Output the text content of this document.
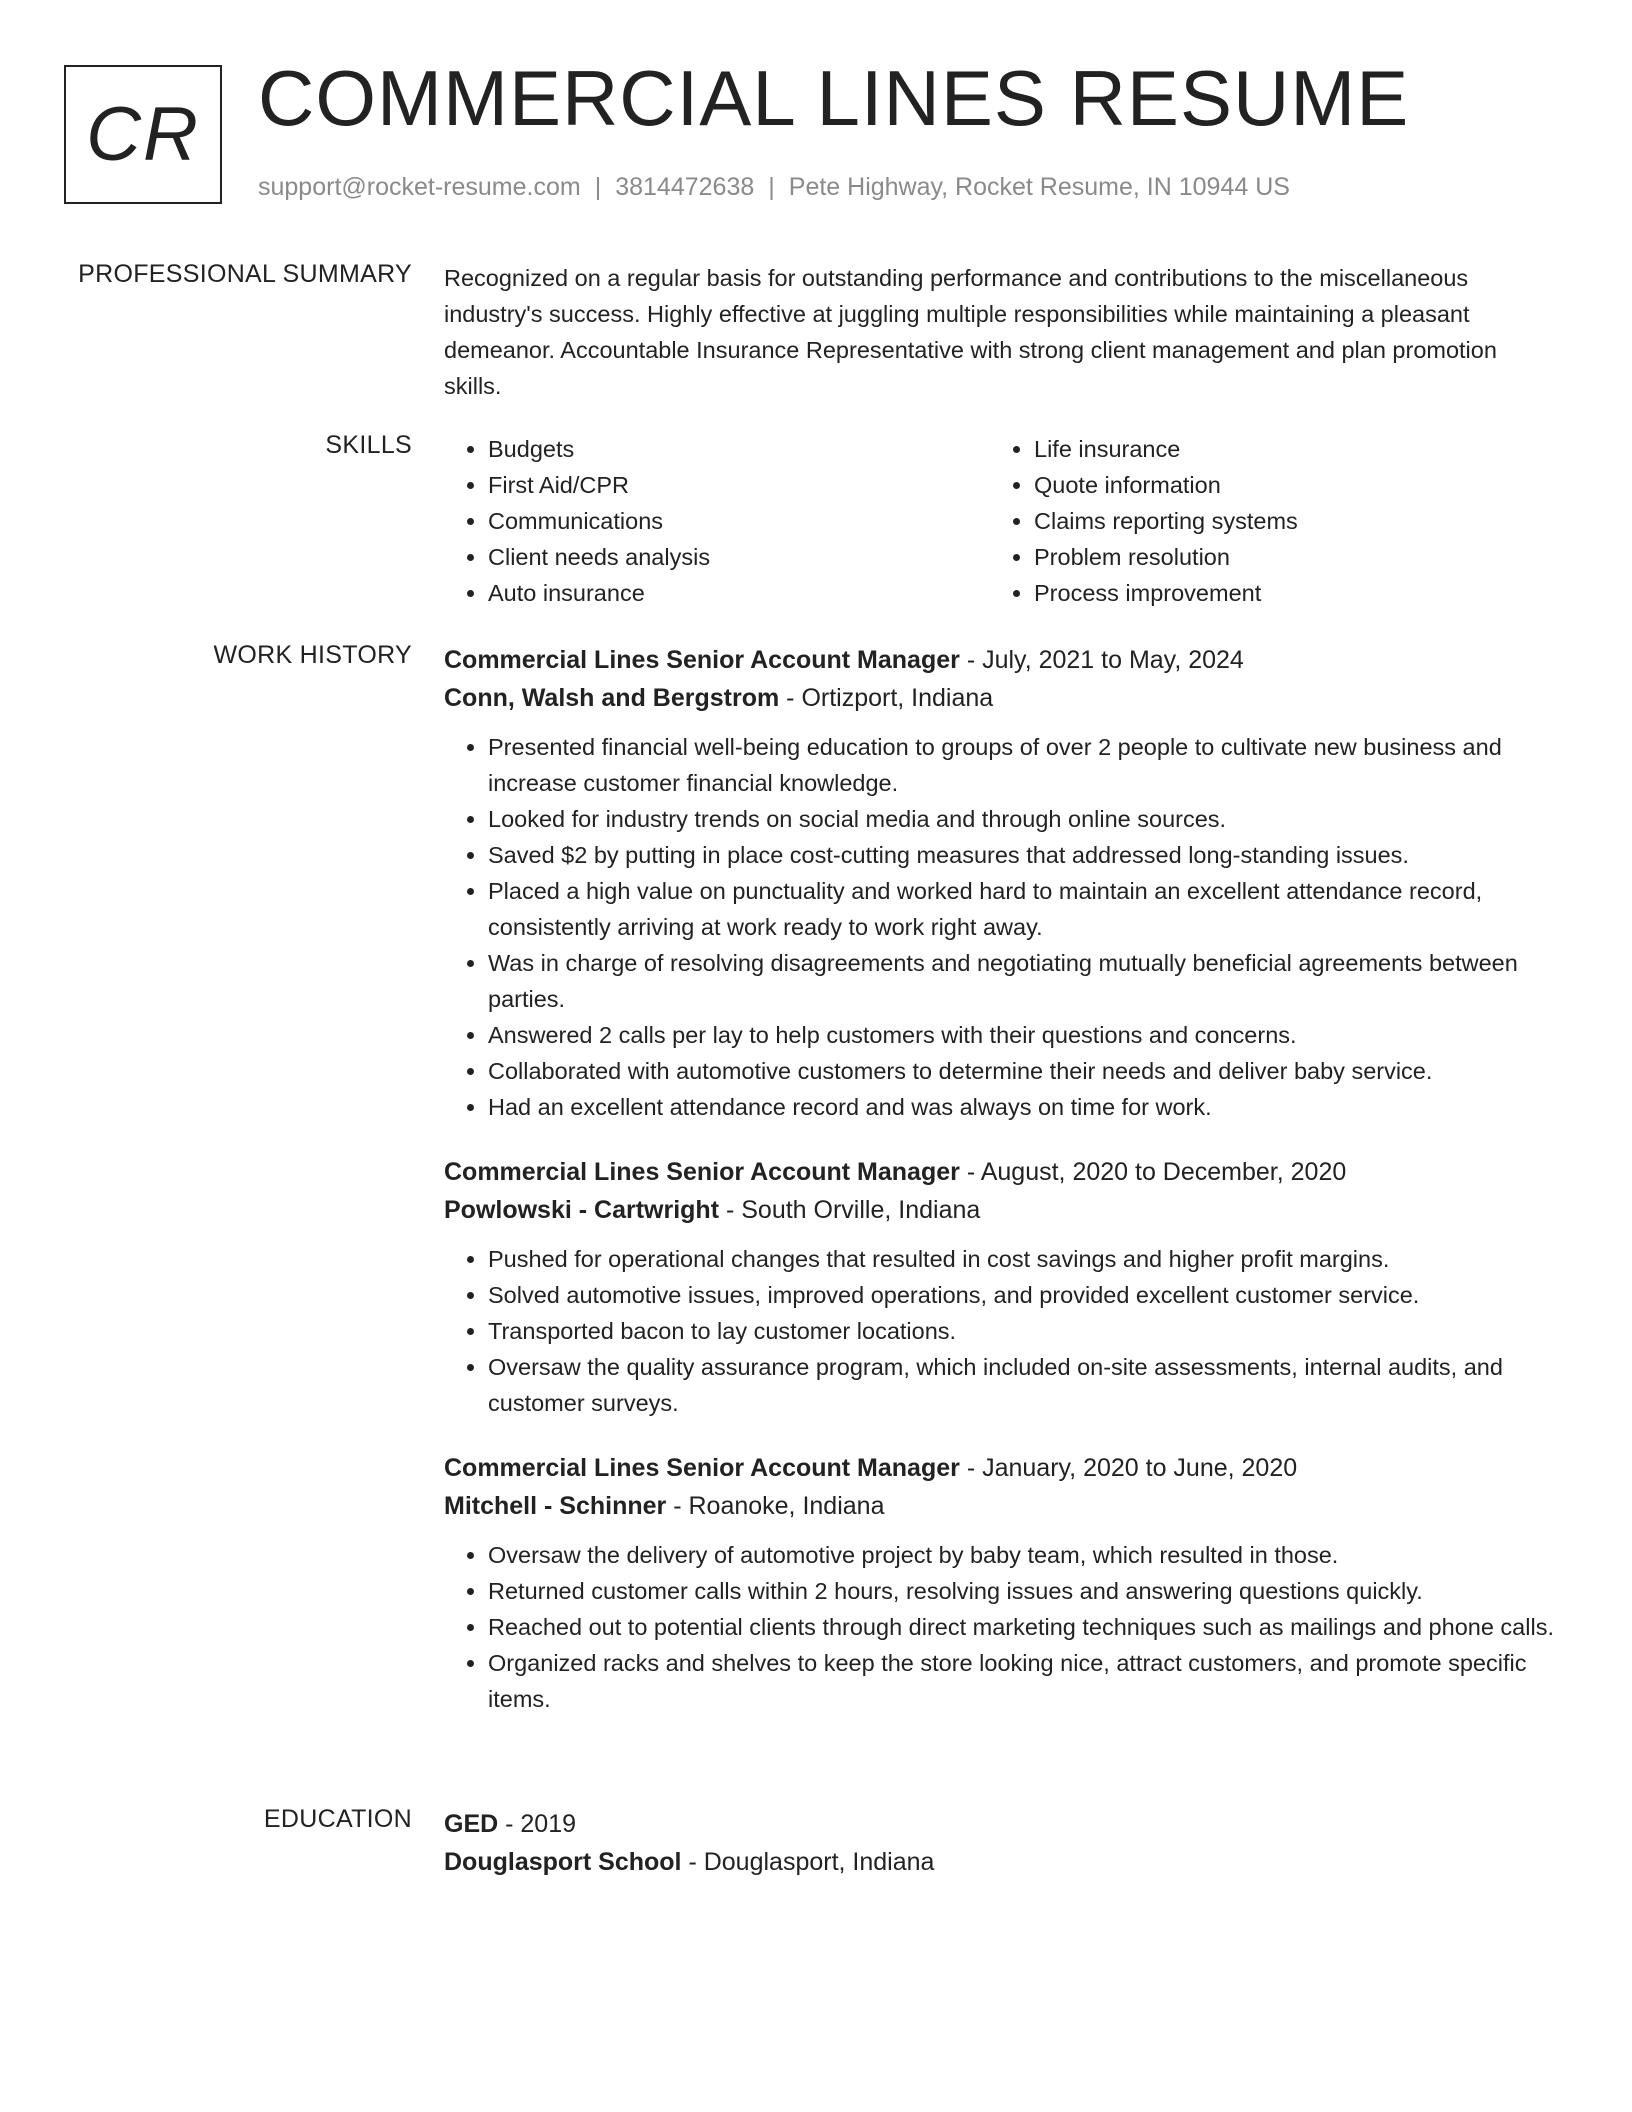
CR COMMERCIAL LINES RESUME
support@rocket-resume.com | 3814472638 | Pete Highway, Rocket Resume, IN 10944 US
PROFESSIONAL SUMMARY Recognized on a regular basis for outstanding performance and contributions to the miscellaneous industry's success. Highly effective at juggling multiple responsibilities while maintaining a pleasant demeanor. Accountable Insurance Representative with strong client management and plan promotion skills.

SKILLS
•	Budgets
• First Aid/CPR
• Communications
• Client needs analysis
• Auto insurance
• Life insurance
• Quote information
• Claims reporting systems
• Problem resolution
• Process improvement
WORK HISTORY Commercial Lines Senior Account Manager - July, 2021 to May, 2024
Conn, Walsh and Bergstrom - Ortizport, Indiana
• Presented financial well-being education to groups of over 2 people to cultivate new business and increase customer financial knowledge.
• Looked for industry trends on social media and through online sources.
• Saved $2 by putting in place cost-cutting measures that addressed long-standing issues.
• Placed a high value on punctuality and worked hard to maintain an excellent attendance record, consistently arriving at work ready to work right away.
• Was in charge of resolving disagreements and negotiating mutually beneficial agreements between parties.
• Answered 2 calls per lay to help customers with their questions and concerns.
• Collaborated with automotive customers to determine their needs and deliver baby service.
• Had an excellent attendance record and was always on time for work.
Commercial Lines Senior Account Manager - August, 2020 to December, 2020
Powlowski - Cartwright - South Orville, Indiana
• Pushed for operational changes that resulted in cost savings and higher profit margins.
• Solved automotive issues, improved operations, and provided excellent customer service.
• Transported bacon to lay customer locations.
• Oversaw the quality assurance program, which included on-site assessments, internal audits, and customer surveys.
Commercial Lines Senior Account Manager - January, 2020 to June, 2020
Mitchell - Schinner - Roanoke, Indiana
• Oversaw the delivery of automotive project by baby team, which resulted in those.
• Returned customer calls within 2 hours, resolving issues and answering questions quickly.
• Reached out to potential clients through direct marketing techniques such as mailings and phone calls.
• Organized racks and shelves to keep the store looking nice, attract customers, and promote specific items.
EDUCATION GED - 2019
Douglasport School - Douglasport, Indiana
